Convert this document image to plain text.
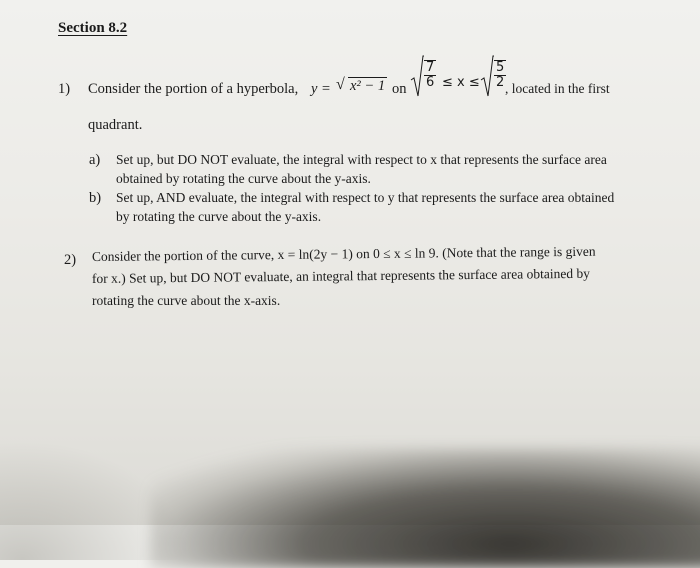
Section 8.2
1) Consider the portion of a hyperbola, y = √ x² − 1 on $\frac{7}{6} \le x \le \frac{5}{2}$
, located in the first
quadrant.
a) Set up, but DO NOT evaluate, the integral with respect to x that represents the surface area
obtained by rotating the curve about the y-axis.
b) Set up, AND evaluate, the integral with respect to y that represents the surface area obtained
by rotating the curve about the y-axis.
2) Consider the portion of the curve, x = ln(2y − 1) on 0 ≤ x ≤ ln 9. (Note that the range is given
for x.) Set up, but DO NOT evaluate, an integral that represents the surface area obtained by
rotating the curve about the x-axis.
